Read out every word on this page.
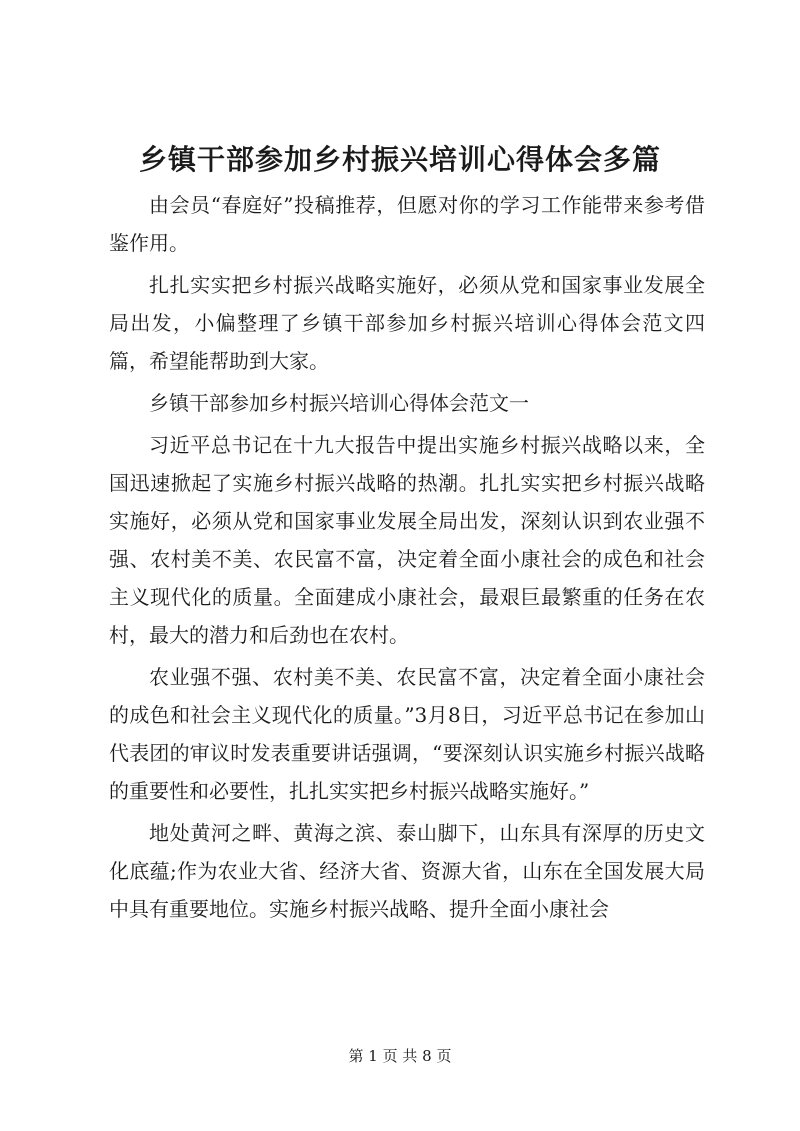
乡镇干部参加乡村振兴培训心得体会多篇

由会员“春庭好”投稿推荐，但愿对你的学习工作能带来参考借鉴作用。

扎扎实实把乡村振兴战略实施好，必须从党和国家事业发展全局出发，小偏整理了乡镇干部参加乡村振兴培训心得体会范文四篇，希望能帮助到大家。

乡镇干部参加乡村振兴培训心得体会范文一

习近平总书记在十九大报告中提出实施乡村振兴战略以来，全国迅速掀起了实施乡村振兴战略的热潮。扎扎实实把乡村振兴战略实施好，必须从党和国家事业发展全局出发，深刻认识到农业强不强、农村美不美、农民富不富，决定着全面小康社会的成色和社会主义现代化的质量。全面建成小康社会，最艰巨最繁重的任务在农村，最大的潜力和后劲也在农村。

农业强不强、农村美不美、农民富不富，决定着全面小康社会的成色和社会主义现代化的质量。”3月8日，习近平总书记在参加山代表团的审议时发表重要讲话强调，“要深刻认识实施乡村振兴战略的重要性和必要性，扎扎实实把乡村振兴战略实施好。”

地处黄河之畔、黄海之滨、泰山脚下，山东具有深厚的历史文化底蕴;作为农业大省、经济大省、资源大省，山东在全国发展大局中具有重要地位。实施乡村振兴战略、提升全面小康社会

第 1 页 共 8 页
